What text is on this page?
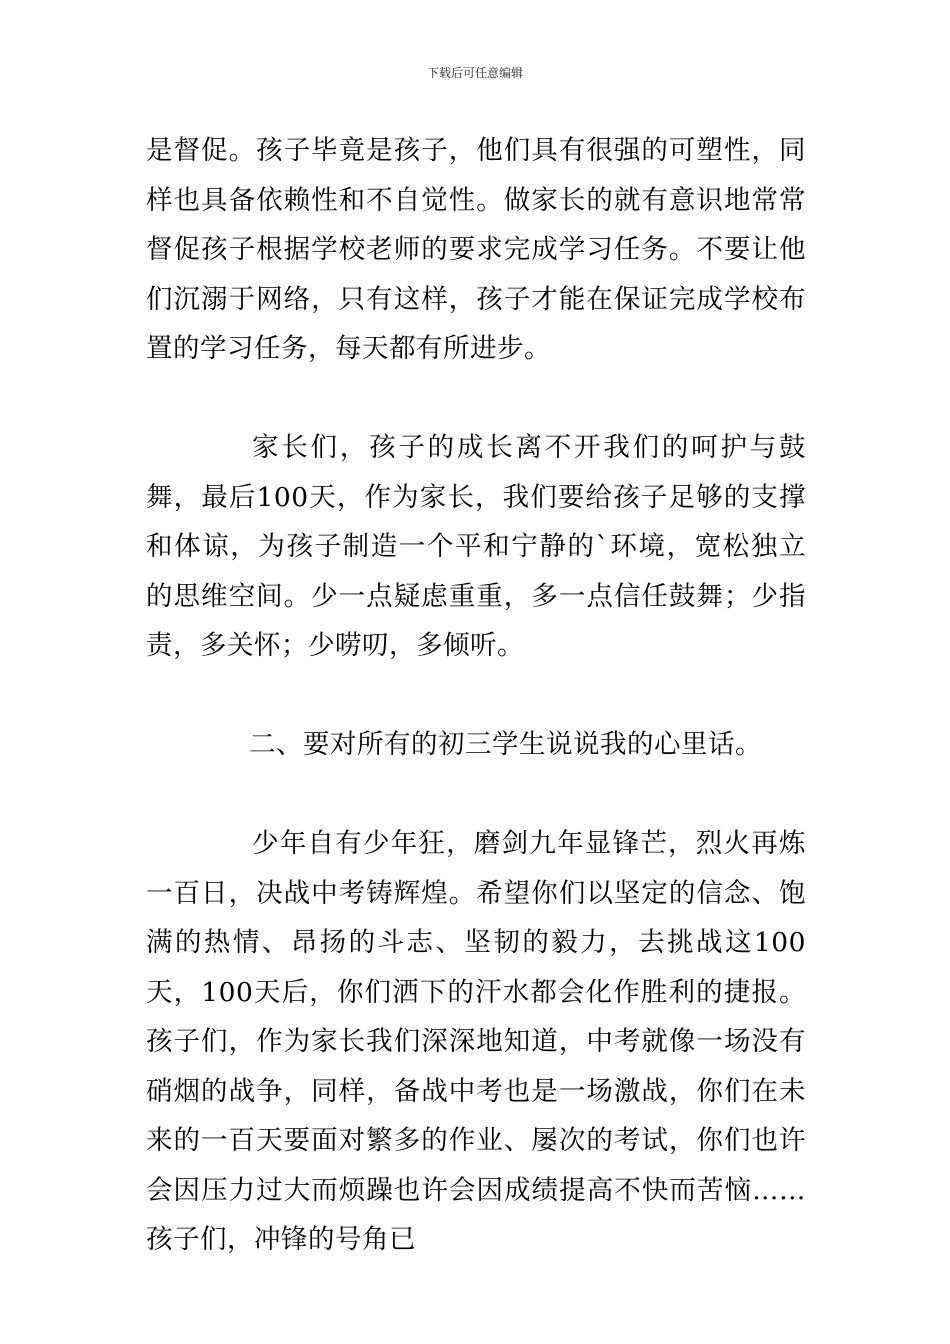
下载后可任意编辑

是督促。孩子毕竟是孩子，他们具有很强的可塑性，同样也具备依赖性和不自觉性。做家长的就有意识地常常督促孩子根据学校老师的要求完成学习任务。不要让他们沉溺于网络，只有这样，孩子才能在保证完成学校布置的学习任务，每天都有所进步。

家长们，孩子的成长离不开我们的呵护与鼓舞，最后100天，作为家长，我们要给孩子足够的支撑和体谅，为孩子制造一个平和宁静的`环境，宽松独立的思维空间。少一点疑虑重重，多一点信任鼓舞；少指责，多关怀；少唠叨，多倾听。

二、要对所有的初三学生说说我的心里话。

少年自有少年狂，磨剑九年显锋芒，烈火再炼一百日，决战中考铸辉煌。希望你们以坚定的信念、饱满的热情、昂扬的斗志、坚韧的毅力，去挑战这100天，100天后，你们洒下的汗水都会化作胜利的捷报。孩子们，作为家长我们深深地知道，中考就像一场没有硝烟的战争，同样，备战中考也是一场激战，你们在未来的一百天要面对繁多的作业、屡次的考试，你们也许会因压力过大而烦躁也许会因成绩提高不快而苦恼……孩子们，冲锋的号角已
